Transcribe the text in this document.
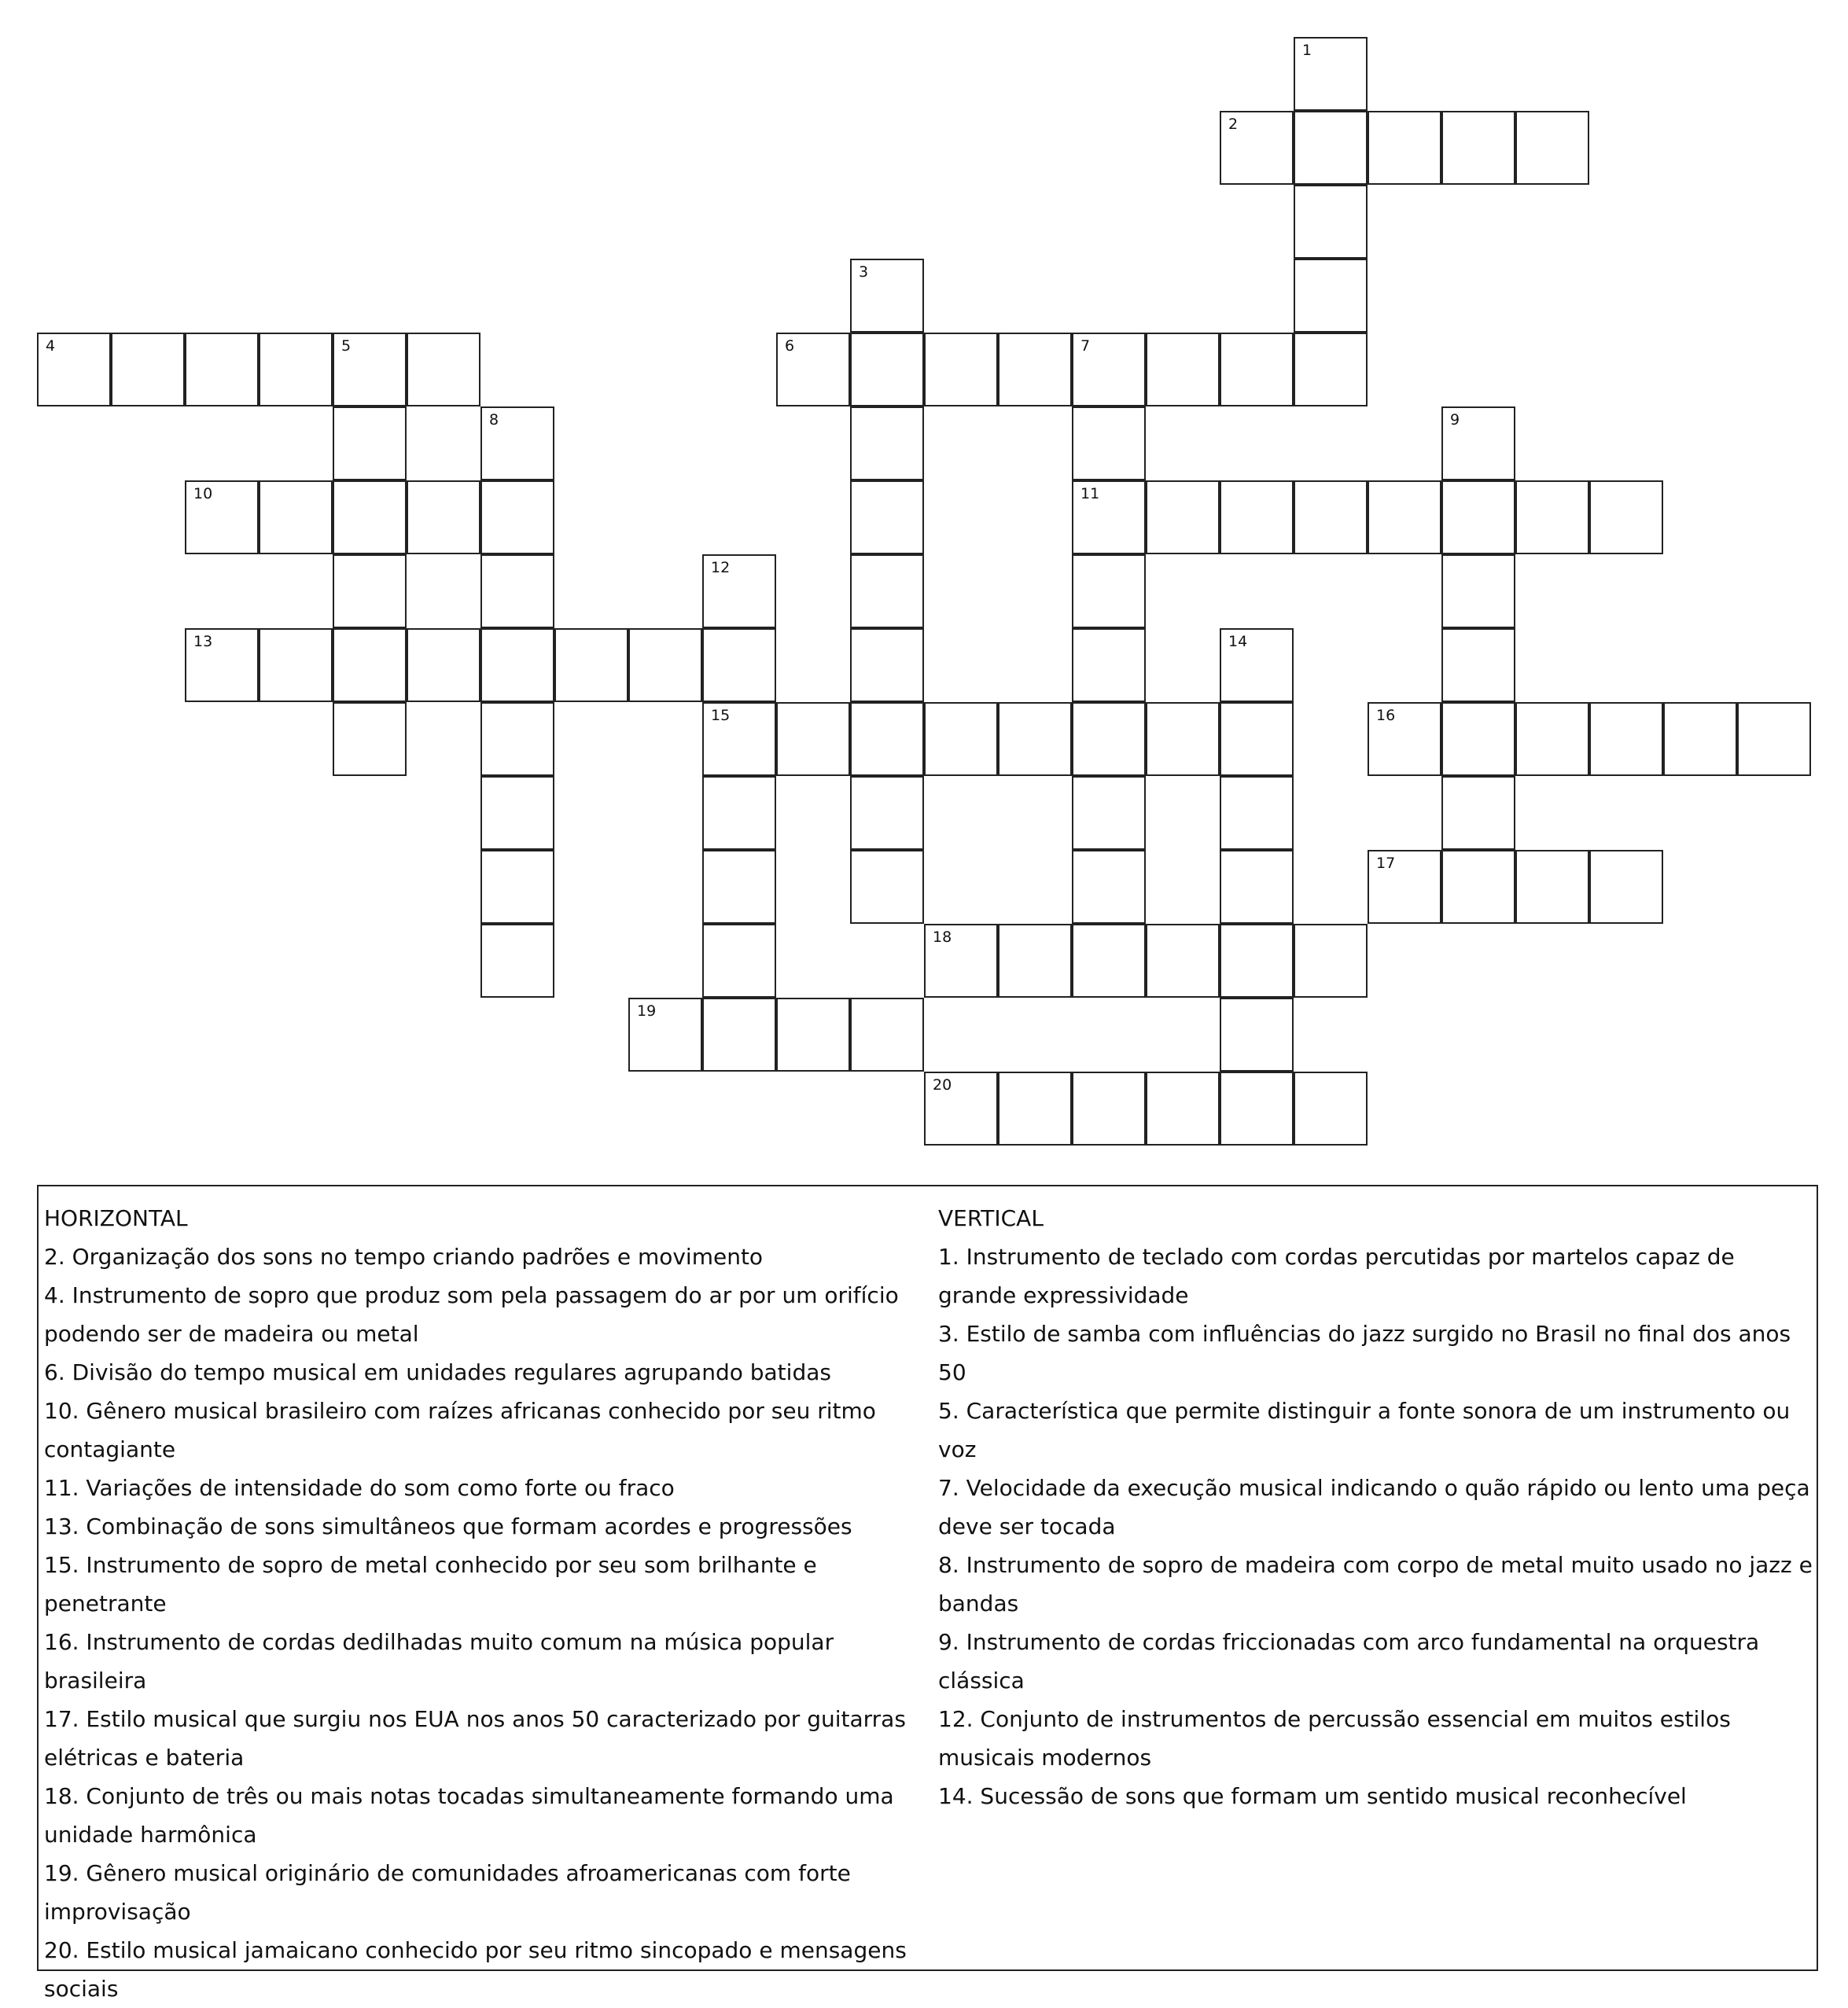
1
2
3
4	5	6	7
8	9
10	11
12
13	14
15	16
17
18
19
20

HORIZONTAL

2. Organização dos sons no tempo criando padrões e movimento

4. Instrumento de sopro que produz som pela passagem do ar por um orifício podendo ser de madeira ou metal

6. Divisão do tempo musical em unidades regulares agrupando batidas

10. Gênero musical brasileiro com raízes africanas conhecido por seu ritmo contagiante

11. Variações de intensidade do som como forte ou fraco

13. Combinação de sons simultâneos que formam acordes e progressões

15. Instrumento de sopro de metal conhecido por seu som brilhante e penetrante

16. Instrumento de cordas dedilhadas muito comum na música popular brasileira

17. Estilo musical que surgiu nos EUA nos anos 50 caracterizado por guitarras elétricas e bateria

18. Conjunto de três ou mais notas tocadas simultaneamente formando uma unidade harmônica

19. Gênero musical originário de comunidades afroamericanas com forte improvisação

20. Estilo musical jamaicano conhecido por seu ritmo sincopado e mensagens sociais

VERTICAL

1. Instrumento de teclado com cordas percutidas por martelos capaz de grande expressividade

3. Estilo de samba com influências do jazz surgido no Brasil no final dos anos 50

5. Característica que permite distinguir a fonte sonora de um instrumento ou voz

7. Velocidade da execução musical indicando o quão rápido ou lento uma peça deve ser tocada

8. Instrumento de sopro de madeira com corpo de metal muito usado no jazz e bandas

9. Instrumento de cordas friccionadas com arco fundamental na orquestra clássica

12. Conjunto de instrumentos de percussão essencial em muitos estilos musicais modernos

14. Sucessão de sons que formam um sentido musical reconhecível
